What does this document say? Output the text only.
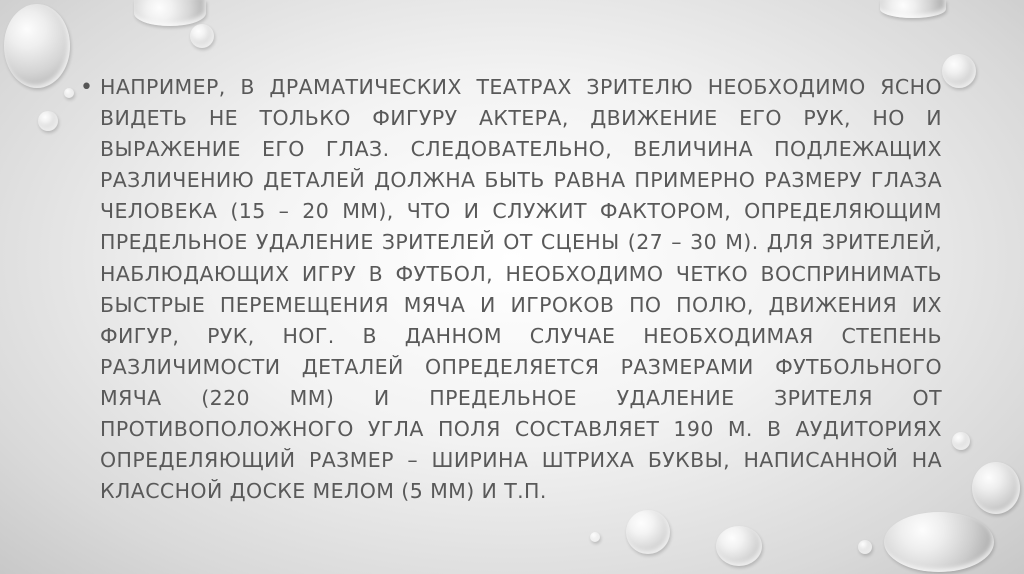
• НАПРИМЕР, В ДРАМАТИЧЕСКИХ ТЕАТРАХ ЗРИТЕЛЮ НЕОБХОДИМО ЯСНО ВИДЕТЬ НЕ ТОЛЬКО ФИГУРУ АКТЕРА, ДВИЖЕНИЕ ЕГО РУК, НО И ВЫРАЖЕНИЕ ЕГО ГЛАЗ. СЛЕДОВАТЕЛЬНО, ВЕЛИЧИНА ПОДЛЕЖАЩИХ РАЗЛИЧЕНИЮ ДЕТАЛЕЙ ДОЛЖНА БЫТЬ РАВНА ПРИМЕРНО РАЗМЕРУ ГЛАЗА ЧЕЛОВЕКА (15 – 20 ММ), ЧТО И СЛУЖИТ ФАКТОРОМ, ОПРЕДЕЛЯЮЩИМ ПРЕДЕЛЬНОЕ УДАЛЕНИЕ ЗРИТЕЛЕЙ ОТ СЦЕНЫ (27 – 30 М). ДЛЯ ЗРИТЕЛЕЙ, НАБЛЮДАЮЩИХ ИГРУ В ФУТБОЛ, НЕОБХОДИМО ЧЕТКО ВОСПРИНИМАТЬ БЫСТРЫЕ ПЕРЕМЕЩЕНИЯ МЯЧА И ИГРОКОВ ПО ПОЛЮ, ДВИЖЕНИЯ ИХ ФИГУР, РУК, НОГ. В ДАННОМ СЛУЧАЕ НЕОБХОДИМАЯ СТЕПЕНЬ РАЗЛИЧИМОСТИ ДЕТАЛЕЙ ОПРЕДЕЛЯЕТСЯ РАЗМЕРАМИ ФУТБОЛЬНОГО МЯЧА (220 ММ) И ПРЕДЕЛЬНОЕ УДАЛЕНИЕ ЗРИТЕЛЯ ОТ ПРОТИВОПОЛОЖНОГО УГЛА ПОЛЯ СОСТАВЛЯЕТ 190 М. В АУДИТОРИЯХ ОПРЕДЕЛЯЮЩИЙ РАЗМЕР – ШИРИНА ШТРИХА БУКВЫ, НАПИСАННОЙ НА КЛАССНОЙ ДОСКЕ МЕЛОМ (5 ММ) И Т.П.
